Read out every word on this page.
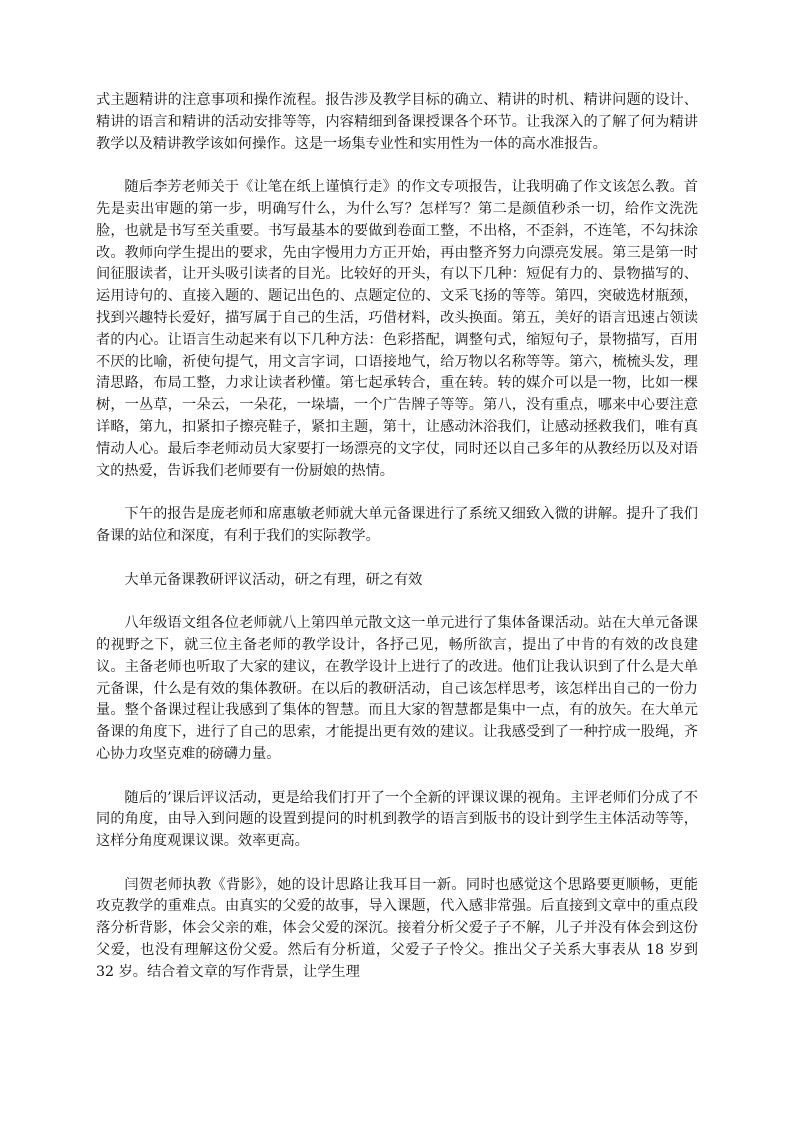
式主题精讲的注意事项和操作流程。报告涉及教学目标的确立、精讲的时机、精讲问题的设计、精讲的语言和精讲的活动安排等等，内容精细到备课授课各个环节。让我深入的了解了何为精讲教学以及精讲教学该如何操作。这是一场集专业性和实用性为一体的高水准报告。

随后李芳老师关于《让笔在纸上谨慎行走》的作文专项报告，让我明确了作文该怎么教。首先是卖出审题的第一步，明确写什么，为什么写？怎样写？第二是颜值秒杀一切，给作文洗洗脸，也就是书写至关重要。书写最基本的要做到卷面工整，不出格，不歪斜，不连笔，不勾抹涂改。教师向学生提出的要求，先由字慢用力方正开始，再由整齐努力向漂亮发展。第三是第一时间征服读者，让开头吸引读者的目光。比较好的开头，有以下几种：短促有力的、景物描写的、运用诗句的、直接入题的、题记出色的、点题定位的、文采飞扬的等等。第四，突破选材瓶颈，找到兴趣特长爱好，描写属于自己的生活，巧借材料，改头换面。第五，美好的语言迅速占领读者的内心。让语言生动起来有以下几种方法：色彩搭配，调整句式，缩短句子，景物描写，百用不厌的比喻，祈使句提气，用文言字词，口语接地气，给万物以名称等等。第六，梳梳头发，理清思路，布局工整，力求让读者秒懂。第七起承转合，重在转。转的媒介可以是一物，比如一棵树，一丛草，一朵云，一朵花，一垛墙，一个广告牌子等等。第八，没有重点，哪来中心要注意详略，第九，扣紧扣子擦亮鞋子，紧扣主题，第十，让感动沐浴我们，让感动拯救我们，唯有真情动人心。最后李老师动员大家要打一场漂亮的文字仗，同时还以自己多年的从教经历以及对语文的热爱，告诉我们老师要有一份厨娘的热情。

下午的报告是庞老师和席惠敏老师就大单元备课进行了系统又细致入微的讲解。提升了我们备课的站位和深度，有利于我们的实际教学。

大单元备课教研评议活动，研之有理，研之有效

八年级语文组各位老师就八上第四单元散文这一单元进行了集体备课活动。站在大单元备课的视野之下，就三位主备老师的教学设计，各抒己见，畅所欲言，提出了中肯的有效的改良建议。主备老师也听取了大家的建议，在教学设计上进行了的改进。他们让我认识到了什么是大单元备课，什么是有效的集体教研。在以后的教研活动，自己该怎样思考，该怎样出自己的一份力量。整个备课过程让我感到了集体的智慧。而且大家的智慧都是集中一点，有的放矢。在大单元备课的角度下，进行了自己的思索，才能提出更有效的建议。让我感受到了一种拧成一股绳，齐心协力攻坚克难的磅礴力量。

随后的’课后评议活动，更是给我们打开了一个全新的评课议课的视角。主评老师们分成了不同的角度，由导入到问题的设置到提问的时机到教学的语言到版书的设计到学生主体活动等等，这样分角度观课议课。效率更高。

闫贺老师执教《背影》，她的设计思路让我耳目一新。同时也感觉这个思路要更顺畅，更能攻克教学的重难点。由真实的父爱的故事，导入课题，代入感非常强。后直接到文章中的重点段落分析背影，体会父亲的难，体会父爱的深沉。接着分析父爱子子不解，儿子并没有体会到这份父爱，也没有理解这份父爱。然后有分析道，父爱子子怜父。推出父子关系大事表从 18 岁到 32 岁。结合着文章的写作背景，让学生理
